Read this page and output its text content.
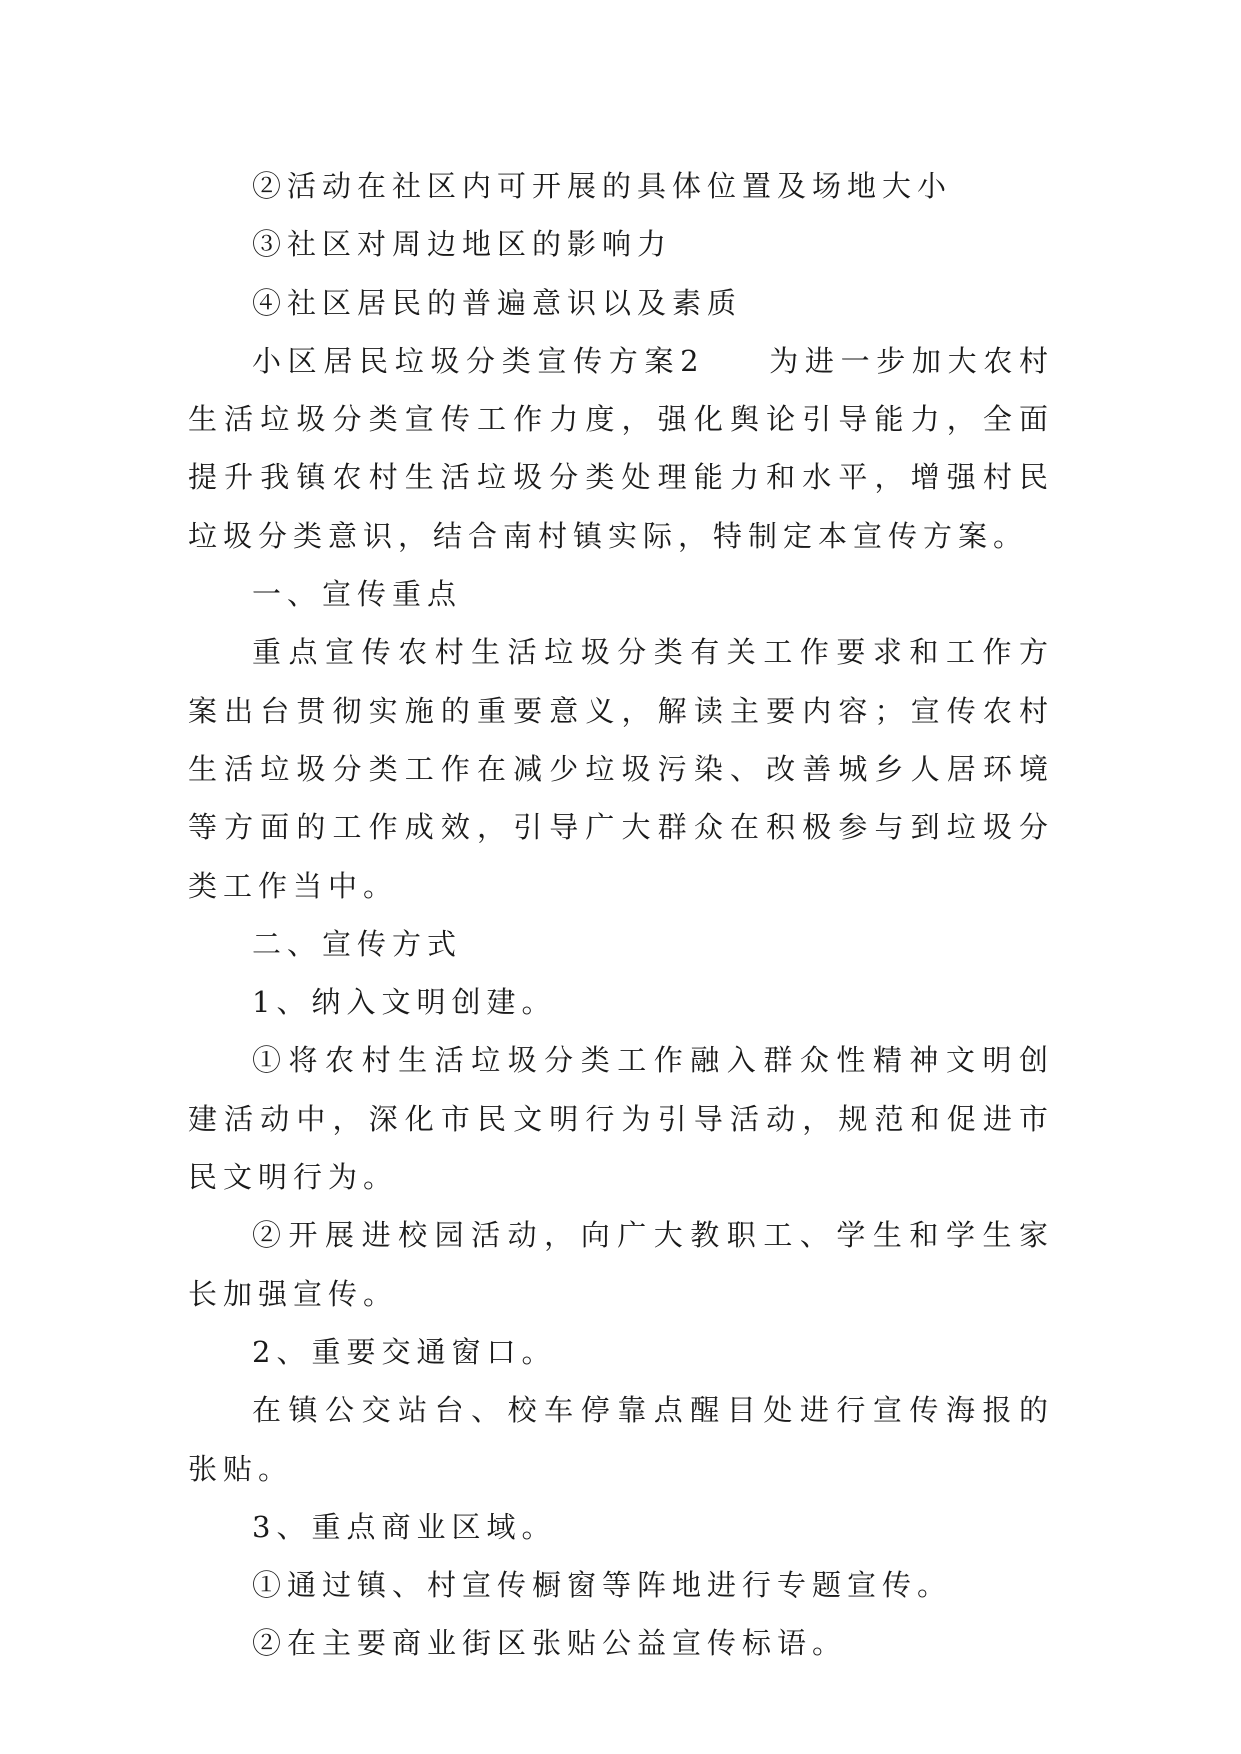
②活动在社区内可开展的具体位置及场地大小

③社区对周边地区的影响力

④社区居民的普遍意识以及素质

小区居民垃圾分类宣传方案2 为进一步加大农村生活垃圾分类宣传工作力度，强化舆论引导能力，全面提升我镇农村生活垃圾分类处理能力和水平，增强村民垃圾分类意识，结合南村镇实际，特制定本宣传方案。

一、宣传重点

重点宣传农村生活垃圾分类有关工作要求和工作方案出台贯彻实施的重要意义，解读主要内容；宣传农村生活垃圾分类工作在减少垃圾污染、改善城乡人居环境等方面的工作成效，引导广大群众在积极参与到垃圾分类工作当中。

二、宣传方式

1、纳入文明创建。

①将农村生活垃圾分类工作融入群众性精神文明创建活动中，深化市民文明行为引导活动，规范和促进市民文明行为。

②开展进校园活动，向广大教职工、学生和学生家长加强宣传。

2、重要交通窗口。

在镇公交站台、校车停靠点醒目处进行宣传海报的张贴。

3、重点商业区域。

①通过镇、村宣传橱窗等阵地进行专题宣传。

②在主要商业街区张贴公益宣传标语。
